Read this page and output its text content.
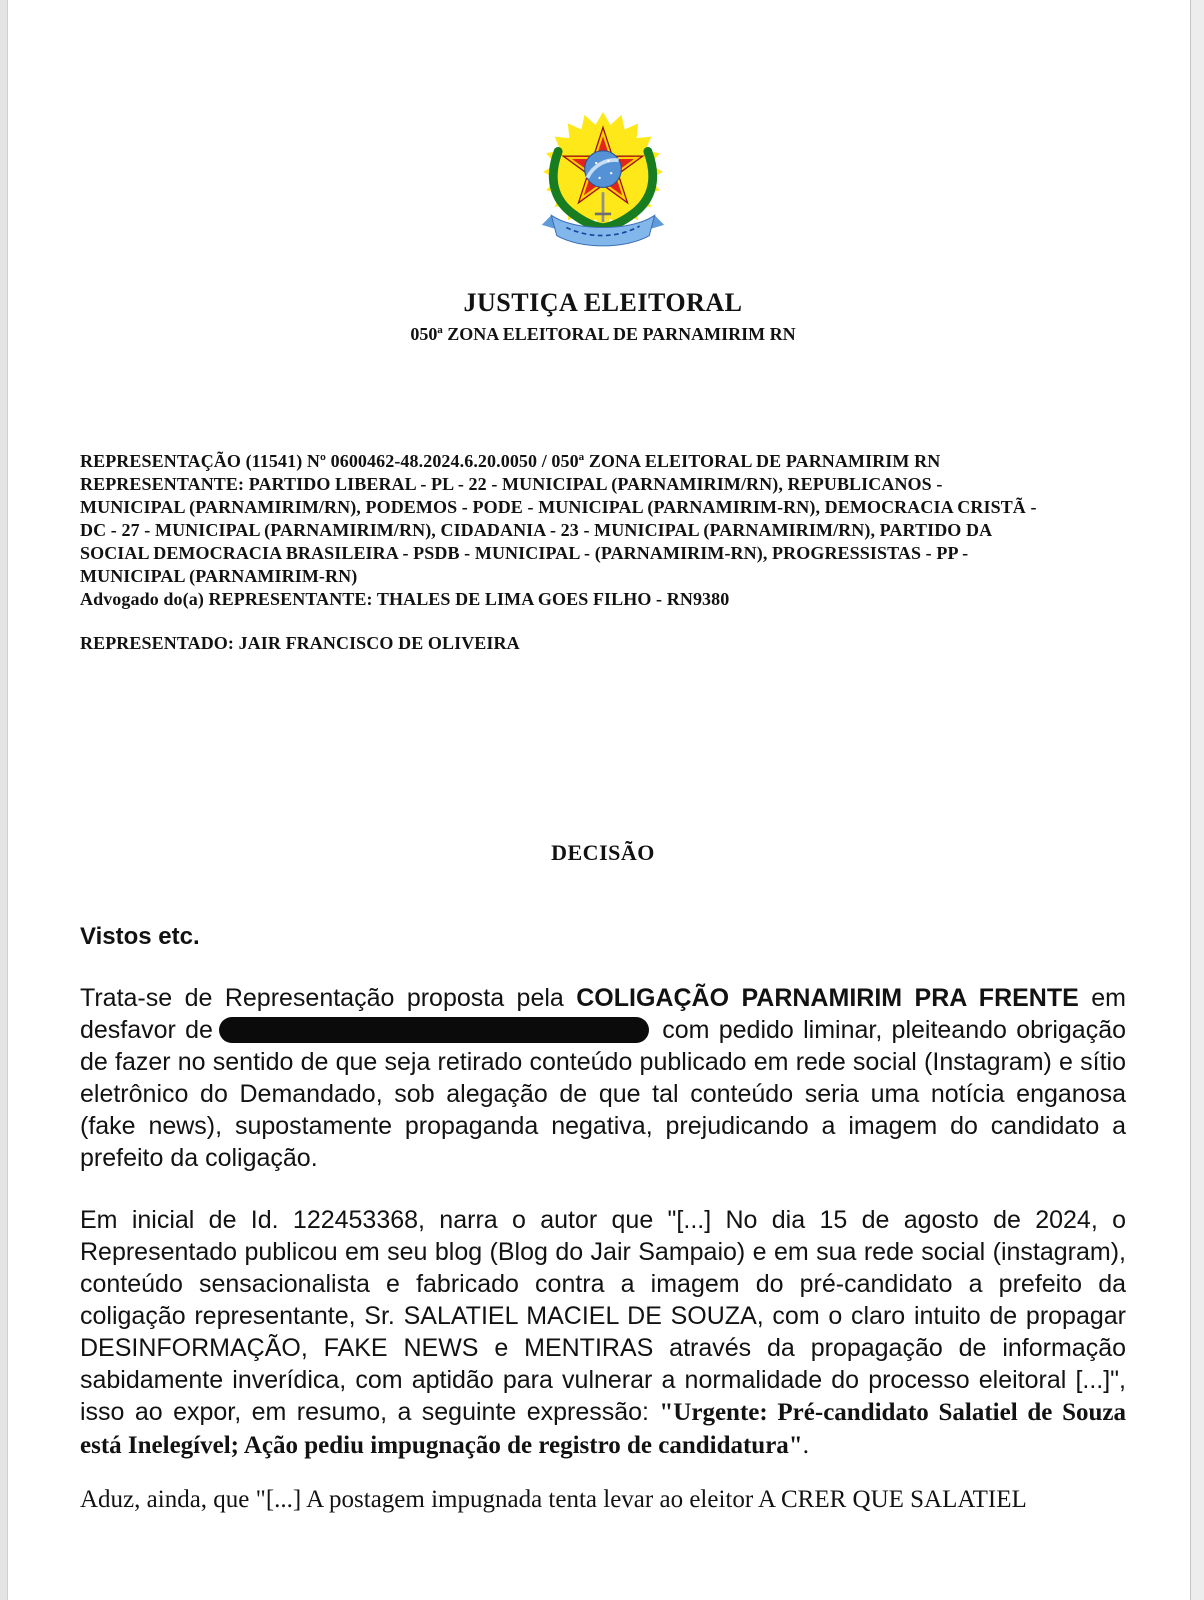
JUSTIÇA ELEITORAL
050ª ZONA ELEITORAL DE PARNAMIRIM RN
REPRESENTAÇÃO (11541) Nº 0600462-48.2024.6.20.0050 / 050ª ZONA ELEITORAL DE PARNAMIRIM RN
REPRESENTANTE: PARTIDO LIBERAL - PL - 22 - MUNICIPAL (PARNAMIRIM/RN), REPUBLICANOS -
MUNICIPAL (PARNAMIRIM/RN), PODEMOS - PODE - MUNICIPAL (PARNAMIRIM-RN), DEMOCRACIA CRISTÃ -
DC - 27 - MUNICIPAL (PARNAMIRIM/RN), CIDADANIA - 23 - MUNICIPAL (PARNAMIRIM/RN), PARTIDO DA
SOCIAL DEMOCRACIA BRASILEIRA - PSDB - MUNICIPAL - (PARNAMIRIM-RN), PROGRESSISTAS - PP -
MUNICIPAL (PARNAMIRIM-RN)
Advogado do(a) REPRESENTANTE: THALES DE LIMA GOES FILHO - RN9380
REPRESENTADO: JAIR FRANCISCO DE OLIVEIRA
DECISÃO
Vistos etc.

Trata-se de Representação proposta pela COLIGAÇÃO PARNAMIRIM PRA FRENTE em desfavor de	com pedido liminar, pleiteando obrigação de fazer no sentido de que seja retirado conteúdo publicado em rede social (Instagram) e sítio eletrônico do Demandado, sob alegação de que tal conteúdo seria uma notícia enganosa (fake news), supostamente propaganda negativa, prejudicando a imagem do candidato a prefeito da coligação.

Em inicial de Id. 122453368, narra o autor que "[...] No dia 15 de agosto de 2024, o Representado publicou em seu blog (Blog do Jair Sampaio) e em sua rede social (instagram), conteúdo sensacionalista e fabricado contra a imagem do pré-candidato a prefeito da coligação representante, Sr. SALATIEL MACIEL DE SOUZA, com o claro intuito de propagar DESINFORMAÇÃO, FAKE NEWS e MENTIRAS através da propagação de informação sabidamente inverídica, com aptidão para vulnerar a normalidade do processo eleitoral [...]", isso ao expor, em resumo, a seguinte expressão: "Urgente: Pré-candidato Salatiel de Souza está Inelegível; Ação pediu impugnação de registro de candidatura".

Aduz, ainda, que "[...] A postagem impugnada tenta levar ao eleitor A CRER QUE SALATIEL
